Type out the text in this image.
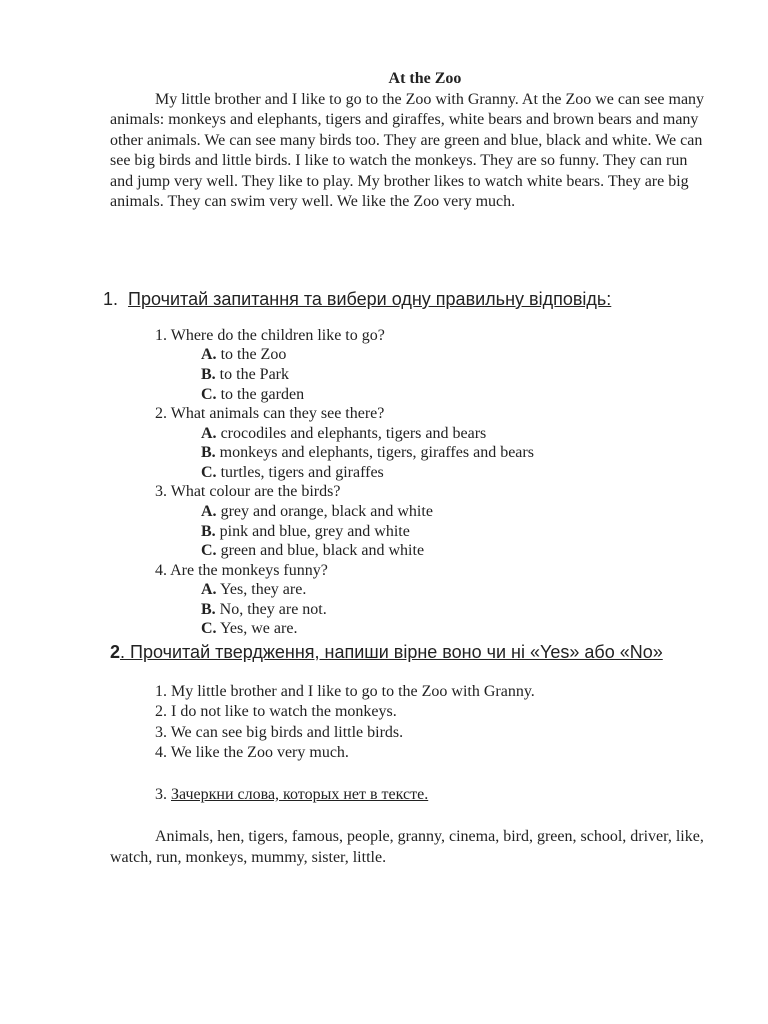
At the Zoo

My little brother and I like to go to the Zoo with Granny. At the Zoo we can see many animals: monkeys and elephants, tigers and giraffes, white bears and brown bears and many other animals. We can see many birds too. They are green and blue, black and white. We can see big birds and little birds. I like to watch the monkeys. They are so funny. They can run and jump very well. They like to play. My brother likes to watch white bears. They are big animals. They can swim very well. We like the Zoo very much.

1. Прочитай запитання та вибери одну правильну відповідь:
1. Where do the children like to go?
A. to the Zoo
B. to the Park
C. to the garden
2. What animals can they see there?
A. crocodiles and elephants, tigers and bears
B. monkeys and elephants, tigers, giraffes and bears
C. turtles, tigers and giraffes
3. What colour are the birds?
A. grey and orange, black and white
B. pink and blue, grey and white
C. green and blue, black and white
4. Are the monkeys funny?
A. Yes, they are.
B. No, they are not.
C. Yes, we are.
2. Прочитай твердження, напиши вірне воно чи ні «Yes» або «No»
1. My little brother and I like to go to the Zoo with Granny.
2. I do not like to watch the monkeys.
3. We can see big birds and little birds.
4. We like the Zoo very much.
3. Зачеркни слова, которых нет в тексте.

Animals, hen, tigers, famous, people, granny, cinema, bird, green, school, driver, like, watch, run, monkeys, mummy, sister, little.
